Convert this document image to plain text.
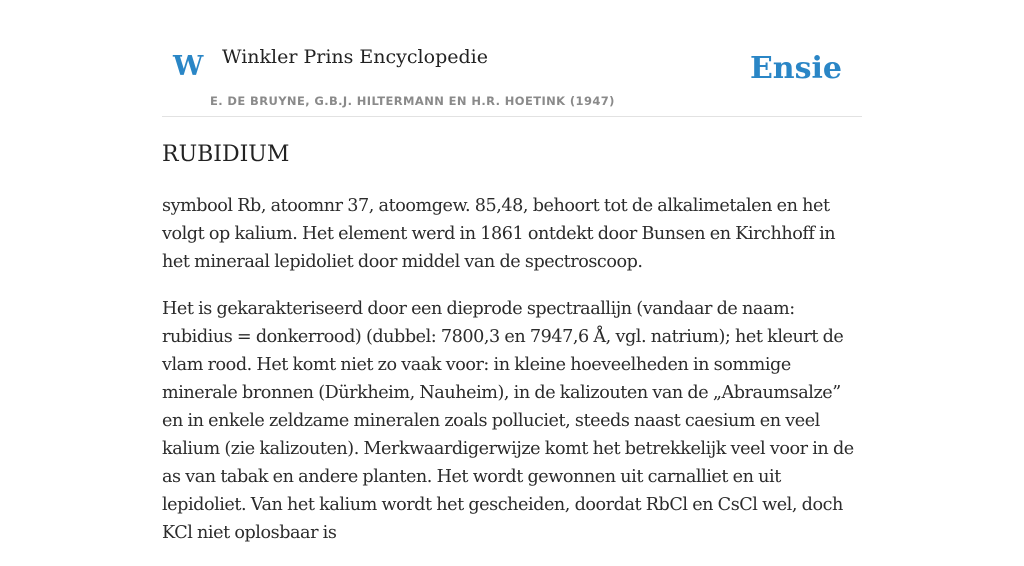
W Winkler Prins Encyclopedie
E. DE BRUYNE, G.B.J. HILTERMANN EN H.R. HOETINK (1947)
Ensie
RUBIDIUM

symbool Rb, atoomnr 37, atoomgew. 85,48, behoort tot de alkalimetalen en het volgt op kalium. Het element werd in 1861 ontdekt door Bunsen en Kirchhoff in het mineraal lepidoliet door middel van de spectroscoop.

Het is gekarakteriseerd door een dieprode spectraallijn (vandaar de naam: rubidius = donkerrood) (dubbel: 7800,3 en 7947,6 Å, vgl. natrium); het kleurt de vlam rood. Het komt niet zo vaak voor: in kleine hoeveelheden in sommige minerale bronnen (Dürkheim, Nauheim), in de kalizouten van de „Abraumsalze” en in enkele zeldzame mineralen zoals polluciet, steeds naast caesium en veel kalium (zie kalizouten). Merkwaardigerwijze komt het betrekkelijk veel voor in de as van tabak en andere planten. Het wordt gewonnen uit carnalliet en uit lepidoliet. Van het kalium wordt het gescheiden, doordat RbCl en CsCl wel, doch KCl niet oplosbaar is
